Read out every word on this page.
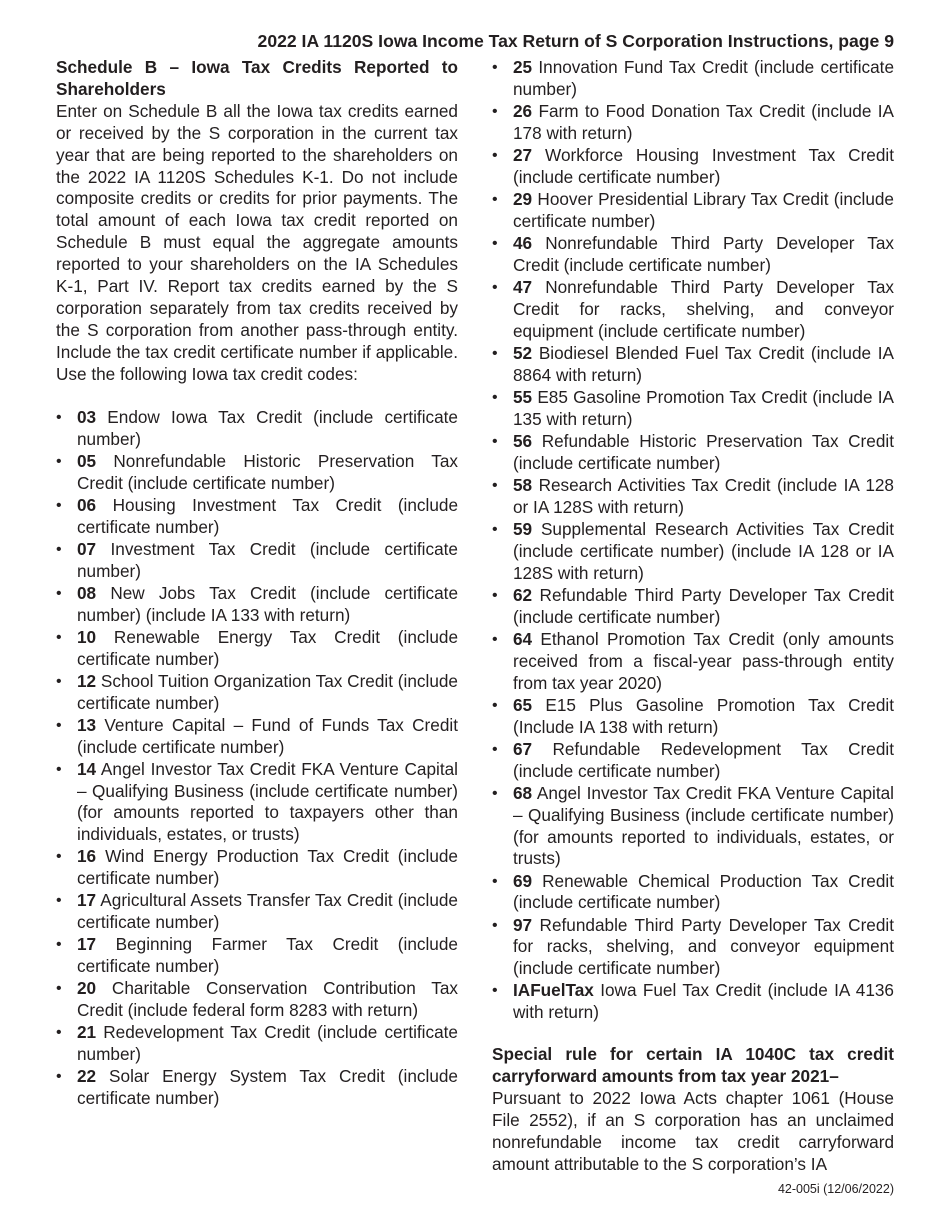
2022 IA 1120S Iowa Income Tax Return of S Corporation Instructions, page 9

Schedule B – Iowa Tax Credits Reported to Shareholders

Enter on Schedule B all the Iowa tax credits earned or received by the S corporation in the current tax year that are being reported to the shareholders on the 2022 IA 1120S Schedules K-1. Do not include composite credits or credits for prior payments. The total amount of each Iowa tax credit reported on Schedule B must equal the aggregate amounts reported to your shareholders on the IA Schedules K-1, Part IV. Report tax credits earned by the S corporation separately from tax credits received by the S corporation from another pass-through entity. Include the tax credit certificate number if applicable. Use the following Iowa tax credit codes:

• 03 Endow Iowa Tax Credit (include certificate number)
• 05 Nonrefundable Historic Preservation Tax Credit (include certificate number)
• 06 Housing Investment Tax Credit (include certificate number)
• 07 Investment Tax Credit (include certificate number)
• 08 New Jobs Tax Credit (include certificate number) (include IA 133 with return)
• 10 Renewable Energy Tax Credit (include certificate number)
• 12 School Tuition Organization Tax Credit (include certificate number)
• 13 Venture Capital – Fund of Funds Tax Credit (include certificate number)
• 14 Angel Investor Tax Credit FKA Venture Capital – Qualifying Business (include certificate number) (for amounts reported to taxpayers other than individuals, estates, or trusts)
• 16 Wind Energy Production Tax Credit (include certificate number)
• 17 Agricultural Assets Transfer Tax Credit (include certificate number)
• 17 Beginning Farmer Tax Credit (include certificate number)
• 20 Charitable Conservation Contribution Tax Credit (include federal form 8283 with return)
• 21 Redevelopment Tax Credit (include certificate number)
• 22 Solar Energy System Tax Credit (include certificate number)
• 25 Innovation Fund Tax Credit (include certificate number)
• 26 Farm to Food Donation Tax Credit (include IA 178 with return)
• 27 Workforce Housing Investment Tax Credit (include certificate number)
• 29 Hoover Presidential Library Tax Credit (include certificate number)
• 46 Nonrefundable Third Party Developer Tax Credit (include certificate number)
• 47 Nonrefundable Third Party Developer Tax Credit for racks, shelving, and conveyor equipment (include certificate number)
• 52 Biodiesel Blended Fuel Tax Credit (include IA 8864 with return)
• 55 E85 Gasoline Promotion Tax Credit (include IA 135 with return)
• 56 Refundable Historic Preservation Tax Credit (include certificate number)
• 58 Research Activities Tax Credit (include IA 128 or IA 128S with return)
• 59 Supplemental Research Activities Tax Credit (include certificate number) (include IA 128 or IA 128S with return)
• 62 Refundable Third Party Developer Tax Credit (include certificate number)
• 64 Ethanol Promotion Tax Credit (only amounts received from a fiscal-year pass-through entity from tax year 2020)
• 65 E15 Plus Gasoline Promotion Tax Credit (Include IA 138 with return)
• 67 Refundable Redevelopment Tax Credit (include certificate number)
• 68 Angel Investor Tax Credit FKA Venture Capital – Qualifying Business (include certificate number) (for amounts reported to individuals, estates, or trusts)
• 69 Renewable Chemical Production Tax Credit (include certificate number)
• 97 Refundable Third Party Developer Tax Credit for racks, shelving, and conveyor equipment (include certificate number)
• IAFuelTax Iowa Fuel Tax Credit (include IA 4136 with return)

Special rule for certain IA 1040C tax credit carryforward amounts from tax year 2021–
Pursuant to 2022 Iowa Acts chapter 1061 (House File 2552), if an S corporation has an unclaimed nonrefundable income tax credit carryforward amount attributable to the S corporation’s IA

42-005i (12/06/2022)
